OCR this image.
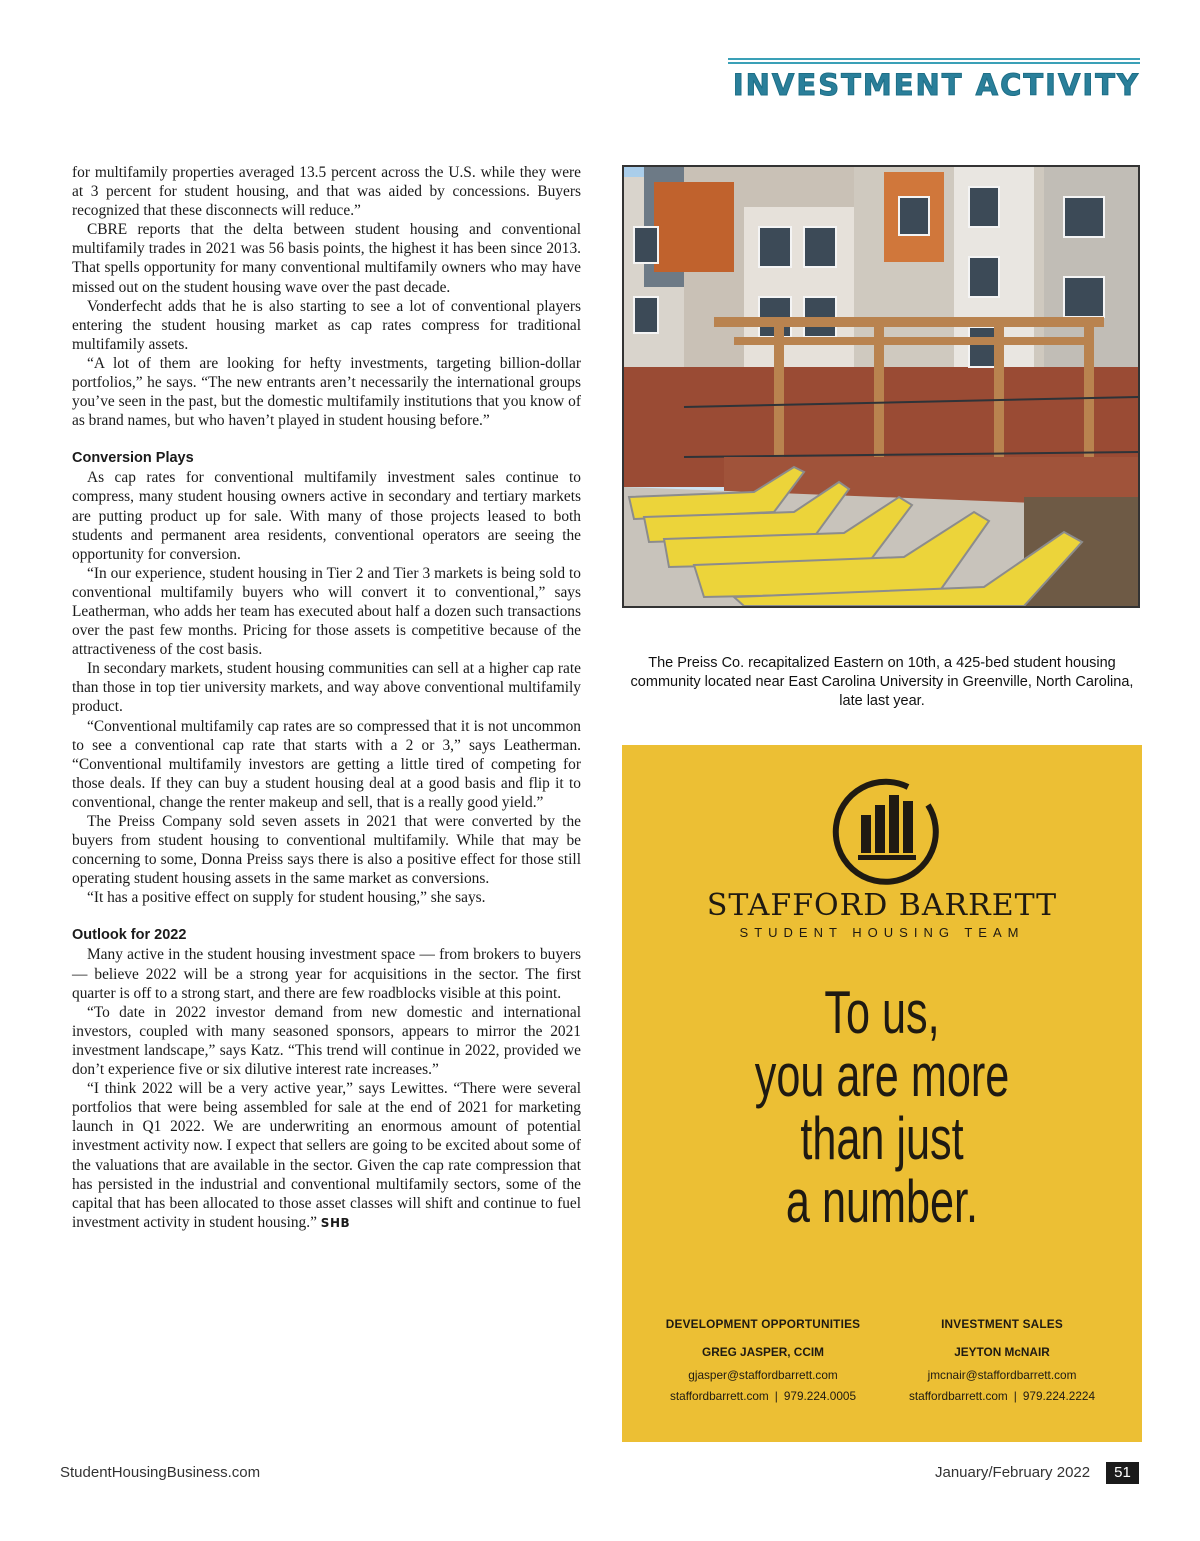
INVESTMENT ACTIVITY

for multifamily properties averaged 13.5 percent across the U.S. while they were at 3 percent for student housing, and that was aided by concessions. Buyers recognized that these disconnects will reduce.”

CBRE reports that the delta between student housing and conventional multifamily trades in 2021 was 56 basis points, the highest it has been since 2013. That spells opportunity for many conventional multifamily owners who may have missed out on the student housing wave over the past decade.

Vonderfecht adds that he is also starting to see a lot of conventional players entering the student housing market as cap rates compress for traditional multifamily assets.

“A lot of them are looking for hefty investments, targeting billion-dollar portfolios,” he says. “The new entrants aren’t necessarily the international groups you’ve seen in the past, but the domestic multifamily institutions that you know of as brand names, but who haven’t played in student housing before.”

Conversion Plays

As cap rates for conventional multifamily investment sales continue to compress, many student housing owners active in secondary and tertiary markets are putting product up for sale. With many of those projects leased to both students and permanent area residents, conventional operators are seeing the opportunity for conversion.

“In our experience, student housing in Tier 2 and Tier 3 markets is being sold to conventional multifamily buyers who will convert it to conventional,” says Leatherman, who adds her team has executed about half a dozen such transactions over the past few months. Pricing for those assets is competitive because of the attractiveness of the cost basis.

In secondary markets, student housing communities can sell at a higher cap rate than those in top tier university markets, and way above conventional multifamily product.

“Conventional multifamily cap rates are so compressed that it is not uncommon to see a conventional cap rate that starts with a 2 or 3,” says Leatherman. “Conventional multifamily investors are getting a little tired of competing for those deals. If they can buy a student housing deal at a good basis and flip it to conventional, change the renter makeup and sell, that is a really good yield.”

The Preiss Company sold seven assets in 2021 that were converted by the buyers from student housing to conventional multifamily. While that may be concerning to some, Donna Preiss says there is also a positive effect for those still operating student housing assets in the same market as conversions.

“It has a positive effect on supply for student housing,” she says.

Outlook for 2022

Many active in the student housing investment space — from brokers to buyers — believe 2022 will be a strong year for acquisitions in the sector. The first quarter is off to a strong start, and there are few roadblocks visible at this point.

“To date in 2022 investor demand from new domestic and international investors, coupled with many seasoned sponsors, appears to mirror the 2021 investment landscape,” says Katz. “This trend will continue in 2022, provided we don’t experience five or six dilutive interest rate increases.”

“I think 2022 will be a very active year,” says Lewittes. “There were several portfolios that were being assembled for sale at the end of 2021 for marketing launch in Q1 2022. We are underwriting an enormous amount of potential investment activity now. I expect that sellers are going to be excited about some of the valuations that are available in the sector. Given the cap rate compression that has persisted in the industrial and conventional multifamily sectors, some of the capital that has been allocated to those asset classes will shift and continue to fuel investment activity in student housing.” SHB

The Preiss Co. recapitalized Eastern on 10th, a 425-bed student housing community located near East Carolina University in Greenville, North Carolina, late last year.
STAFFORD BARRETT
STUDENT HOUSING TEAM
To us,
you are more
than just
a number.
DEVELOPMENT OPPORTUNITIES
GREG JASPER, CCIM
gjasper@staffordbarrett.com
staffordbarrett.com | 979.224.0005
INVESTMENT SALES
JEYTON McNAIR
jmcnair@staffordbarrett.com
staffordbarrett.com | 979.224.2224
StudentHousingBusiness.com	January/February 2022	51
